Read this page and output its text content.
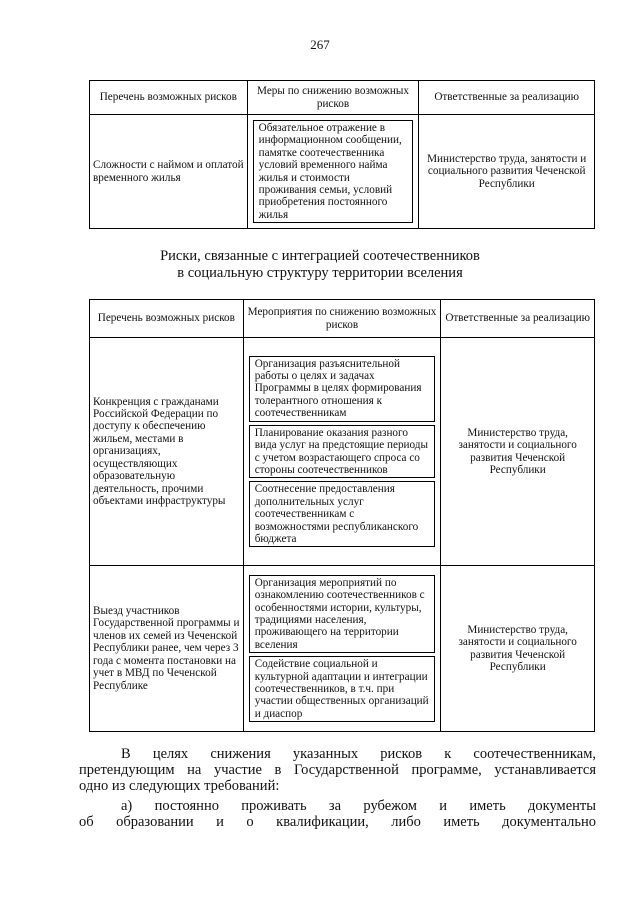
267
Перечень возможных рисков	Меры по снижению возможных рисков	Ответственные за реализацию
Сложности с наймом и оплатой временного жилья	Обязательное отражение в информационном сообщении, памятке соотечественника условий временного найма жилья и стоимости проживания семьи, условий приобретения постоянного жилья	Министерство труда, занятости и социального развития Чеченской Республики
Риски, связанные с интеграцией соотечественников
в социальную структуру территории вселения
Перечень возможных рисков	Мероприятия по снижению возможных рисков	Ответственные за реализацию
Конкренция с гражданами Российской Федерации по доступу к обеспечению жильем, местами в организациях, осуществляющих образовательную деятельность, прочими объектами инфраструктуры	Организация разъяснительной работы о целях и задачах Программы в целях формирования толерантного отношения к соотечественникам
Планирование оказания разного вида услуг на предстоящие периоды с учетом возрастающего спроса со стороны соотечественников
Соотнесение предоставления дополнительных услуг соотечественникам с возможностями республиканского бюджета	Министерство труда, занятости и социального развития Чеченской Республики
Выезд участников Государственной программы и членов их семей из Чеченской Республики ранее, чем через 3 года с момента постановки на учет в МВД по Чеченской Республике	Организация мероприятий по ознакомлению соотечественников с особенностями истории, культуры, традициями населения, проживающего на территории вселения
Содействие социальной и культурной адаптации и интеграции соотечественников, в т.ч. при участии общественных организаций и диаспор	Министерство труда, занятости и социального развития Чеченской Республики
В целях снижения указанных рисков к соотечественникам,
претендующим на участие в Государственной программе, устанавливается
одно из следующих требований:
а) постоянно проживать за рубежом и иметь документы
об образовании и о квалификации, либо иметь документально
